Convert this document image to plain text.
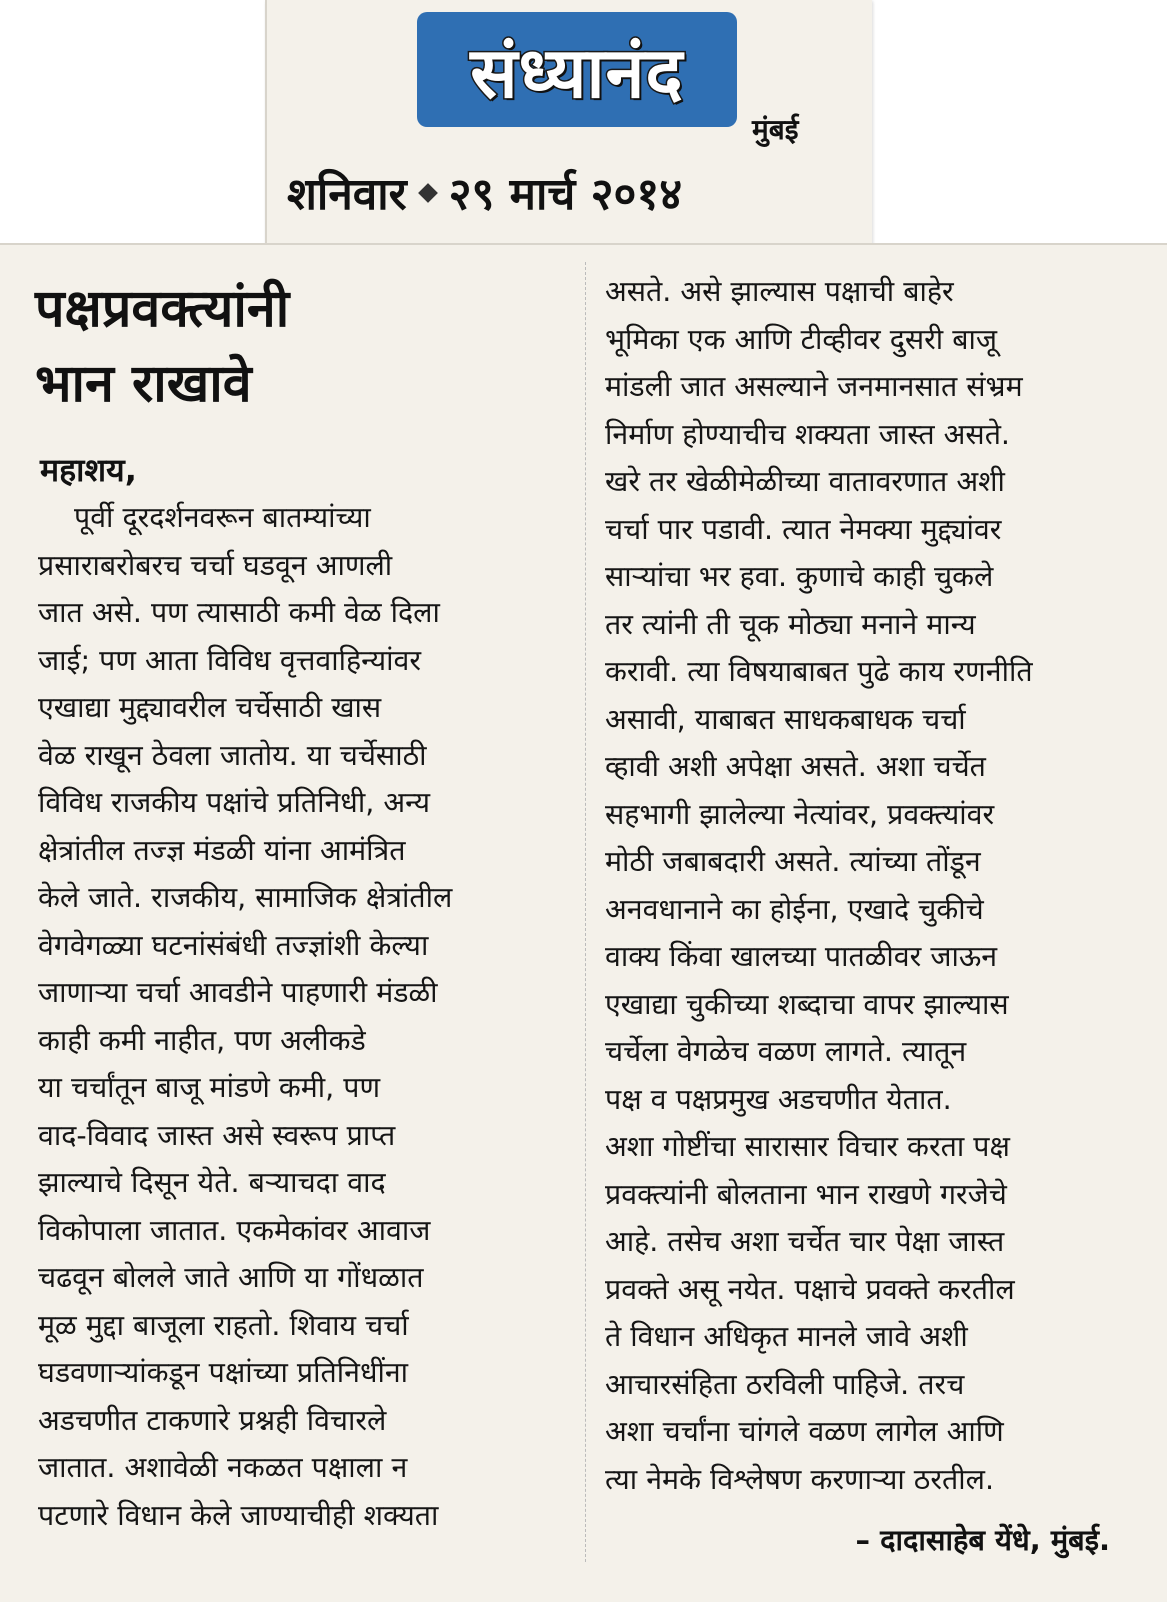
संध्यानंद
मुंबई
शनिवार २९ मार्च २०१४
पक्षप्रवक्त्यांनी
भान राखावे
महाशय,
पूर्वी दूरदर्शनवरून बातम्यांच्या
प्रसाराबरोबरच चर्चा घडवून आणली
जात असे. पण त्यासाठी कमी वेळ दिला
जाई; पण आता विविध वृत्तवाहिन्यांवर
एखाद्या मुद्द्यावरील चर्चेसाठी खास
वेळ राखून ठेवला जातोय. या चर्चेसाठी
विविध राजकीय पक्षांचे प्रतिनिधी, अन्य
क्षेत्रांतील तज्ज्ञ मंडळी यांना आमंत्रित
केले जाते. राजकीय, सामाजिक क्षेत्रांतील
वेगवेगळ्या घटनांसंबंधी तज्ज्ञांशी केल्या
जाणाऱ्या चर्चा आवडीने पाहणारी मंडळी
काही कमी नाहीत, पण अलीकडे
या चर्चांतून बाजू मांडणे कमी, पण
वाद-विवाद जास्त असे स्वरूप प्राप्त
झाल्याचे दिसून येते. बऱ्याचदा वाद
विकोपाला जातात. एकमेकांवर आवाज
चढवून बोलले जाते आणि या गोंधळात
मूळ मुद्दा बाजूला राहतो. शिवाय चर्चा
घडवणाऱ्यांकडून पक्षांच्या प्रतिनिधींना
अडचणीत टाकणारे प्रश्नही विचारले
जातात. अशावेळी नकळत पक्षाला न
पटणारे विधान केले जाण्याचीही शक्यता
असते. असे झाल्यास पक्षाची बाहेर
भूमिका एक आणि टीव्हीवर दुसरी बाजू
मांडली जात असल्याने जनमानसात संभ्रम
निर्माण होण्याचीच शक्यता जास्त असते.
खरे तर खेळीमेळीच्या वातावरणात अशी
चर्चा पार पडावी. त्यात नेमक्या मुद्द्यांवर
साऱ्यांचा भर हवा. कुणाचे काही चुकले
तर त्यांनी ती चूक मोठ्या मनाने मान्य
करावी. त्या विषयाबाबत पुढे काय रणनीति
असावी, याबाबत साधकबाधक चर्चा
व्हावी अशी अपेक्षा असते. अशा चर्चेत
सहभागी झालेल्या नेत्यांवर, प्रवक्त्यांवर
मोठी जबाबदारी असते. त्यांच्या तोंडून
अनवधानाने का होईना, एखादे चुकीचे
वाक्य किंवा खालच्या पातळीवर जाऊन
एखाद्या चुकीच्या शब्दाचा वापर झाल्यास
चर्चेला वेगळेच वळण लागते. त्यातून
पक्ष व पक्षप्रमुख अडचणीत येतात.
अशा गोष्टींचा सारासार विचार करता पक्ष
प्रवक्त्यांनी बोलताना भान राखणे गरजेचे
आहे. तसेच अशा चर्चेत चार पेक्षा जास्त
प्रवक्ते असू नयेत. पक्षाचे प्रवक्ते करतील
ते विधान अधिकृत मानले जावे अशी
आचारसंहिता ठरविली पाहिजे. तरच
अशा चर्चांना चांगले वळण लागेल आणि
त्या नेमके विश्लेषण करणाऱ्या ठरतील.
– दादासाहेब येंधे, मुंबई.
